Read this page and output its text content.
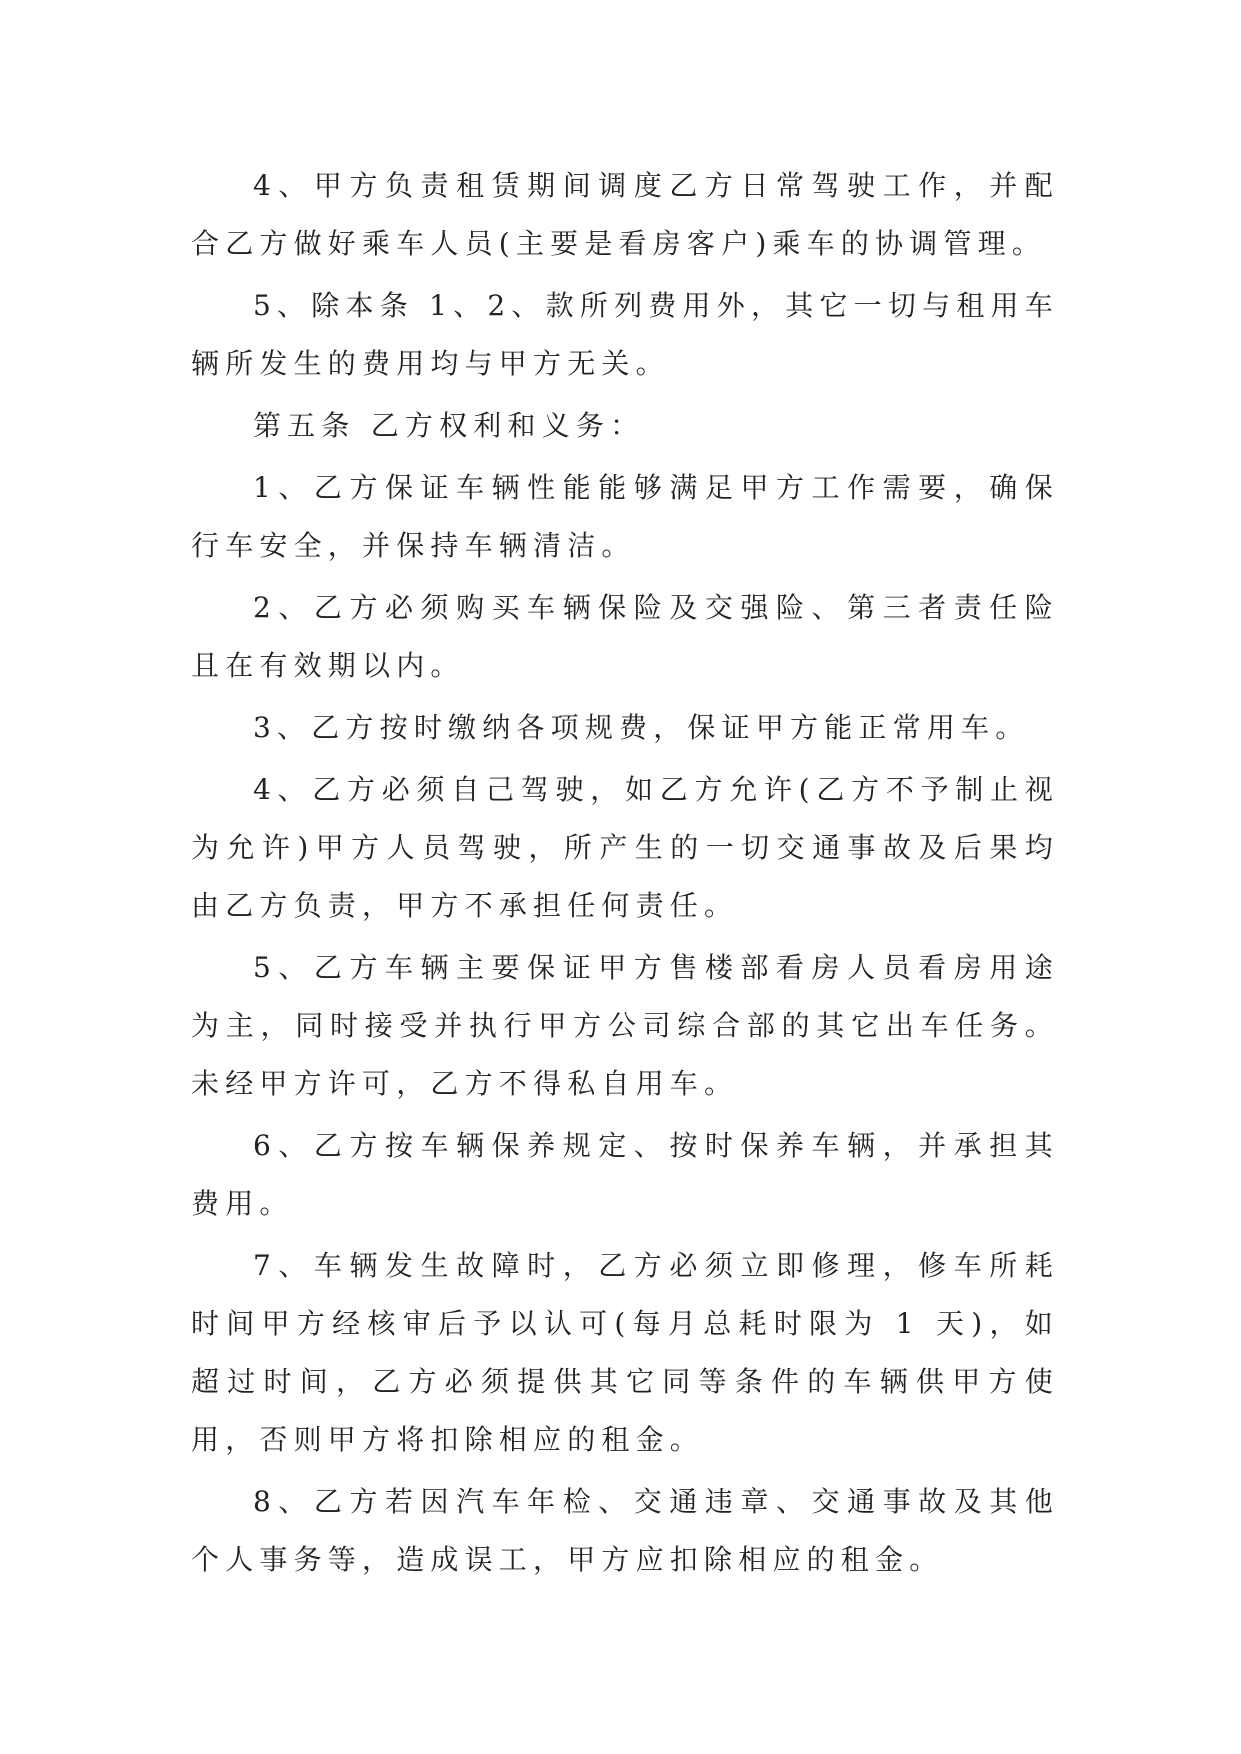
4、甲方负责租赁期间调度乙方日常驾驶工作，并配合乙方做好乘车人员(主要是看房客户)乘车的协调管理。

5、除本条 1、2、款所列费用外，其它一切与租用车辆所发生的费用均与甲方无关。

第五条 乙方权利和义务：

1、乙方保证车辆性能能够满足甲方工作需要，确保行车安全，并保持车辆清洁。

2、乙方必须购买车辆保险及交强险、第三者责任险且在有效期以内。

3、乙方按时缴纳各项规费，保证甲方能正常用车。

4、乙方必须自己驾驶，如乙方允许(乙方不予制止视为允许)甲方人员驾驶，所产生的一切交通事故及后果均由乙方负责，甲方不承担任何责任。

5、乙方车辆主要保证甲方售楼部看房人员看房用途为主，同时接受并执行甲方公司综合部的其它出车任务。未经甲方许可，乙方不得私自用车。

6、乙方按车辆保养规定、按时保养车辆，并承担其费用。

7、车辆发生故障时，乙方必须立即修理，修车所耗时间甲方经核审后予以认可(每月总耗时限为 1 天)，如超过时间，乙方必须提供其它同等条件的车辆供甲方使用，否则甲方将扣除相应的租金。

8、乙方若因汽车年检、交通违章、交通事故及其他个人事务等，造成误工，甲方应扣除相应的租金。
